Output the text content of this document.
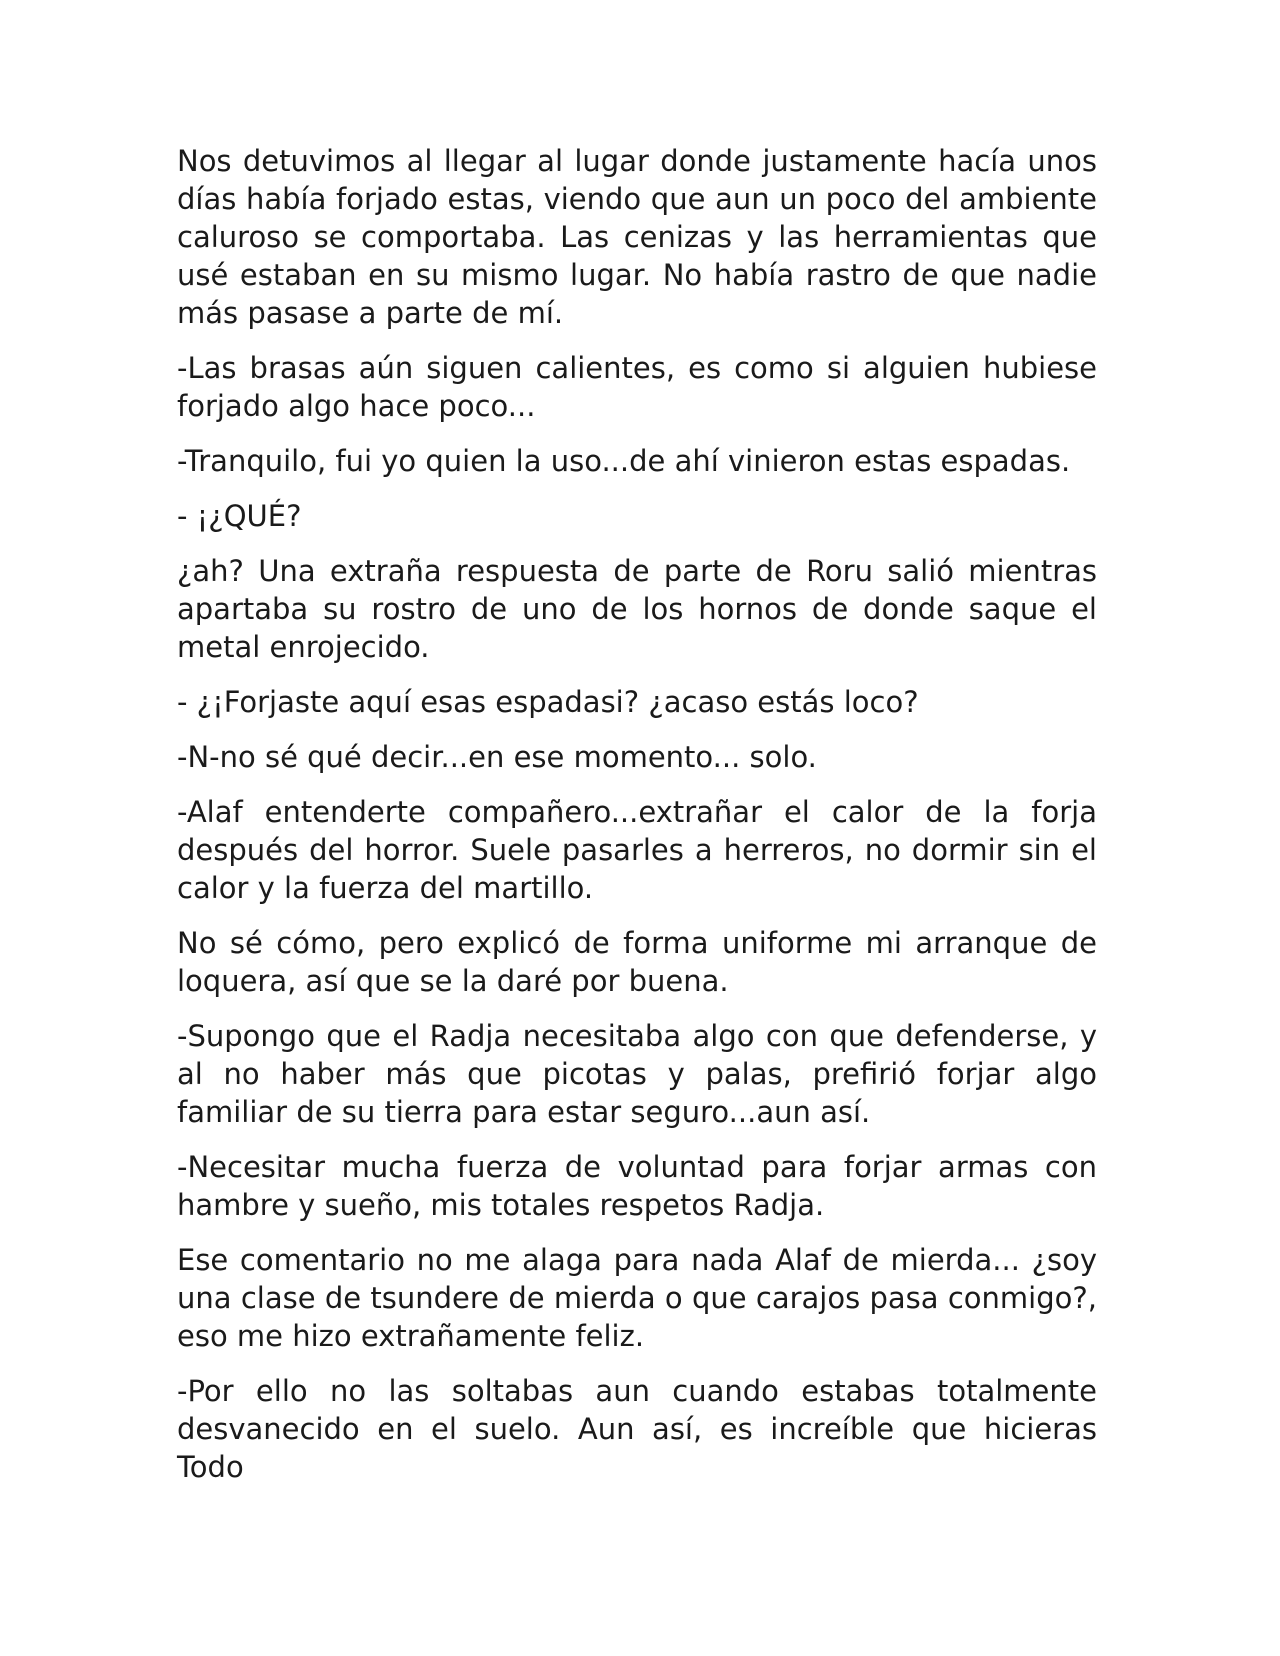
Nos detuvimos al llegar al lugar donde justamente hacía unos días había forjado estas, viendo que aun un poco del ambiente caluroso se comportaba. Las cenizas y las herramientas que usé estaban en su mismo lugar. No había rastro de que nadie más pasase a parte de mí.

-Las brasas aún siguen calientes, es como si alguien hubiese forjado algo hace poco...

-Tranquilo, fui yo quien la uso...de ahí vinieron estas espadas.

- ¡¿QUÉ?

¿ah? Una extraña respuesta de parte de Roru salió mientras apartaba su rostro de uno de los hornos de donde saque el metal enrojecido.

- ¿¡Forjaste aquí esas espadasi? ¿acaso estás loco?

-N-no sé qué decir...en ese momento... solo.

-Alaf entenderte compañero...extrañar el calor de la forja después del horror. Suele pasarles a herreros, no dormir sin el calor y la fuerza del martillo.

No sé cómo, pero explicó de forma uniforme mi arranque de loquera, así que se la daré por buena.

-Supongo que el Radja necesitaba algo con que defenderse, y al no haber más que picotas y palas, prefirió forjar algo familiar de su tierra para estar seguro...aun así.

-Necesitar mucha fuerza de voluntad para forjar armas con hambre y sueño, mis totales respetos Radja.

Ese comentario no me alaga para nada Alaf de mierda... ¿soy una clase de tsundere de mierda o que carajos pasa conmigo?, eso me hizo extrañamente feliz.

-Por ello no las soltabas aun cuando estabas totalmente desvanecido en el suelo. Aun así, es increíble que hicieras Todo
